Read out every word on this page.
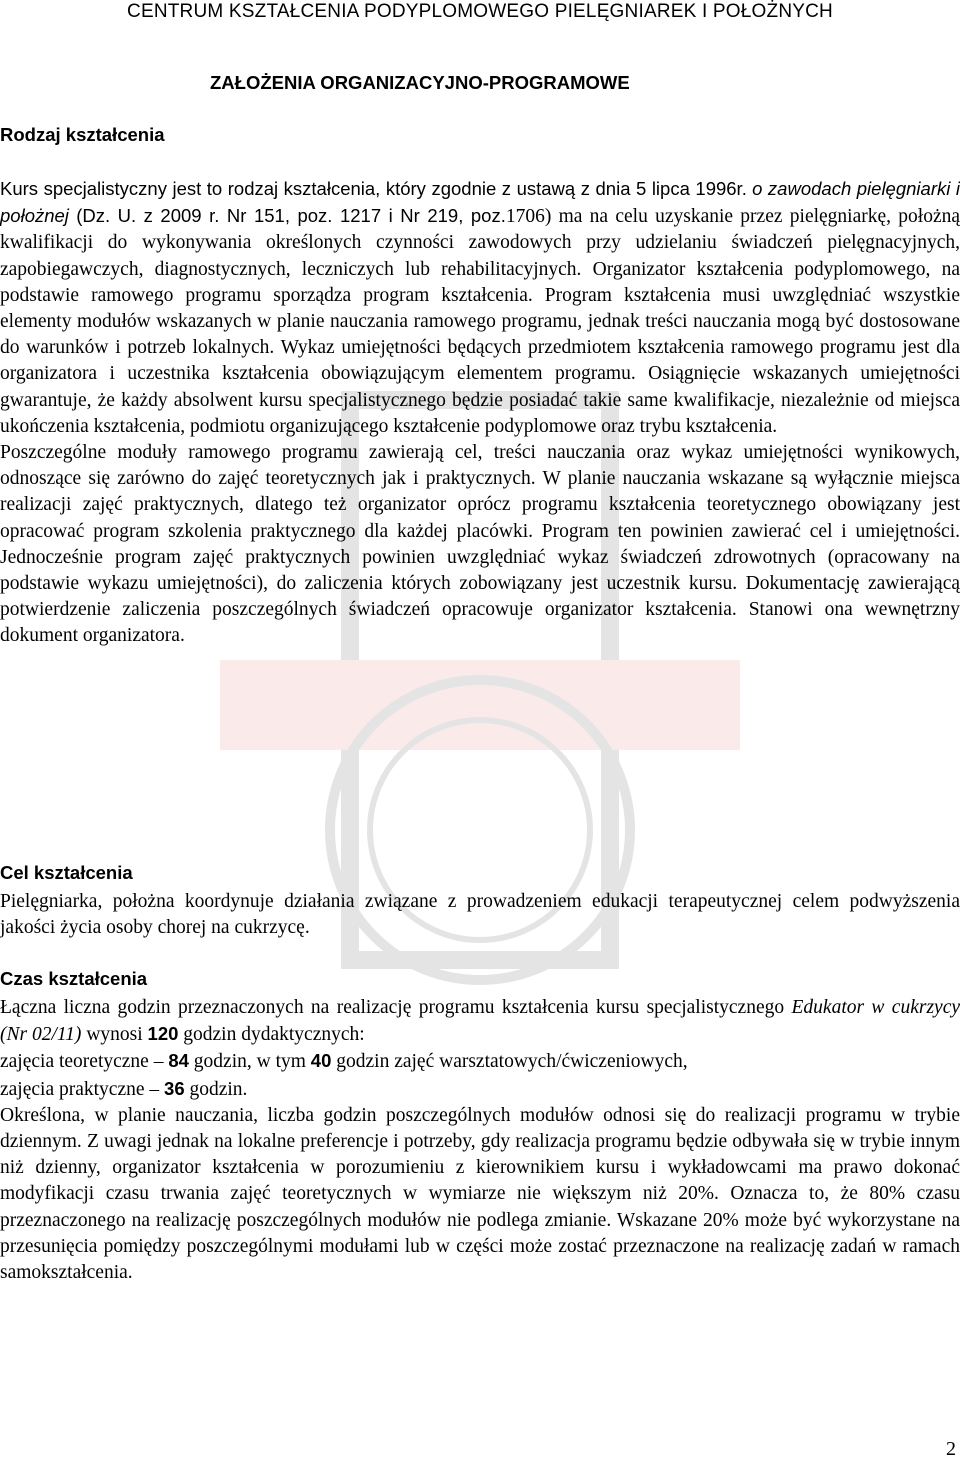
CENTRUM KSZTAŁCENIA PODYPLOMOWEGO PIELĘGNIAREK I POŁOŻNYCH
ZAŁOŻENIA ORGANIZACYJNO-PROGRAMOWE
Rodzaj kształcenia

Kurs specjalistyczny jest to rodzaj kształcenia, który zgodnie z ustawą z dnia 5 lipca 1996r. o zawodach pielęgniarki i położnej (Dz. U. z 2009 r. Nr 151, poz. 1217 i Nr 219, poz.1706) ma na celu uzyskanie przez pielęgniarkę, położną kwalifikacji do wykonywania określonych czynności zawodowych przy udzielaniu świadczeń pielęgnacyjnych, zapobiegawczych, diagnostycznych, leczniczych lub rehabilitacyjnych. Organizator kształcenia podyplomowego, na podstawie ramowego programu sporządza program kształcenia. Program kształcenia musi uwzględniać wszystkie elementy modułów wskazanych w planie nauczania ramowego programu, jednak treści nauczania mogą być dostosowane do warunków i potrzeb lokalnych. Wykaz umiejętności będących przedmiotem kształcenia ramowego programu jest dla organizatora i uczestnika kształcenia obowiązującym elementem programu. Osiągnięcie wskazanych umiejętności gwarantuje, że każdy absolwent kursu specjalistycznego będzie posiadać takie same kwalifikacje, niezależnie od miejsca ukończenia kształcenia, podmiotu organizującego kształcenie podyplomowe oraz trybu kształcenia.

Poszczególne moduły ramowego programu zawierają cel, treści nauczania oraz wykaz umiejętności wynikowych, odnoszące się zarówno do zajęć teoretycznych jak i praktycznych. W planie nauczania wskazane są wyłącznie miejsca realizacji zajęć praktycznych, dlatego też organizator oprócz programu kształcenia teoretycznego obowiązany jest opracować program szkolenia praktycznego dla każdej placówki. Program ten powinien zawierać cel i umiejętności. Jednocześnie program zajęć praktycznych powinien uwzględniać wykaz świadczeń zdrowotnych (opracowany na podstawie wykazu umiejętności), do zaliczenia których zobowiązany jest uczestnik kursu. Dokumentację zawierającą potwierdzenie zaliczenia poszczególnych świadczeń opracowuje organizator kształcenia. Stanowi ona wewnętrzny dokument organizatora.

Cel kształcenia

Pielęgniarka, położna koordynuje działania związane z prowadzeniem edukacji terapeutycznej celem podwyższenia jakości życia osoby chorej na cukrzycę.

Czas kształcenia

Łączna liczna godzin przeznaczonych na realizację programu kształcenia kursu specjalistycznego Edukator w cukrzycy (Nr 02/11) wynosi 120 godzin dydaktycznych:

zajęcia teoretyczne – 84 godzin, w tym 40 godzin zajęć warsztatowych/ćwiczeniowych,

zajęcia praktyczne – 36 godzin.

Określona, w planie nauczania, liczba godzin poszczególnych modułów odnosi się do realizacji programu w trybie dziennym. Z uwagi jednak na lokalne preferencje i potrzeby, gdy realizacja programu będzie odbywała się w trybie innym niż dzienny, organizator kształcenia w porozumieniu z kierownikiem kursu i wykładowcami ma prawo dokonać modyfikacji czasu trwania zajęć teoretycznych w wymiarze nie większym niż 20%. Oznacza to, że 80% czasu przeznaczonego na realizację poszczególnych modułów nie podlega zmianie. Wskazane 20% może być wykorzystane na przesunięcia pomiędzy poszczególnymi modułami lub w części może zostać przeznaczone na realizację zadań w ramach samokształcenia.

2
